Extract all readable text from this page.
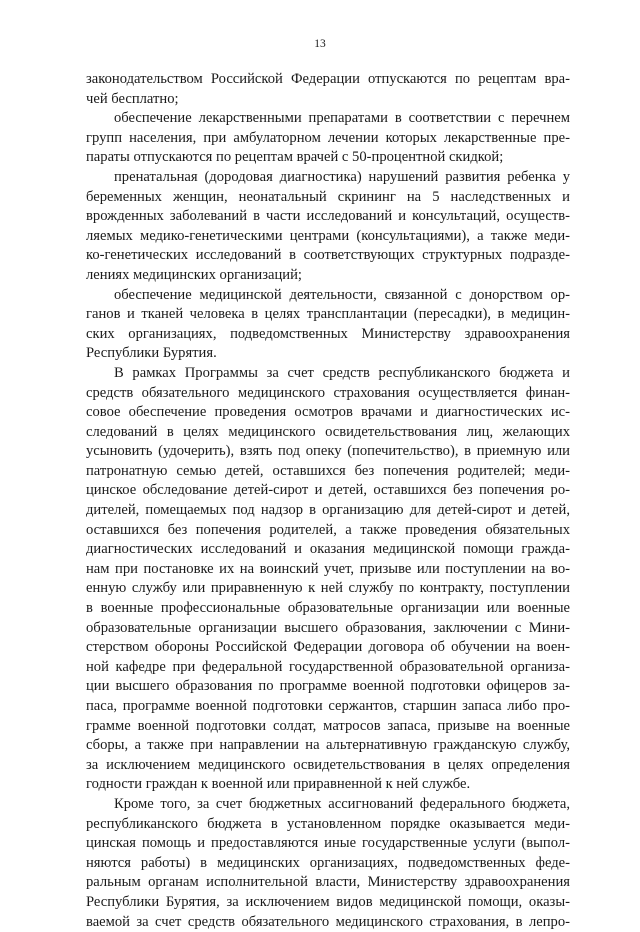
13
законодательством Российской Федерации отпускаются по рецептам вра-
чей бесплатно;
обеспечение лекарственными препаратами в соответствии с перечнем
групп населения, при амбулаторном лечении которых лекарственные пре-
параты отпускаются по рецептам врачей с 50-процентной скидкой;
пренатальная (дородовая диагностика) нарушений развития ребенка у
беременных женщин, неонатальный скрининг на 5 наследственных и
врожденных заболеваний в части исследований и консультаций, осуществ-
ляемых медико-генетическими центрами (консультациями), а также меди-
ко-генетических исследований в соответствующих структурных подразде-
лениях медицинских организаций;
обеспечение медицинской деятельности, связанной с донорством ор-
ганов и тканей человека в целях трансплантации (пересадки), в медицин-
ских организациях, подведомственных Министерству здравоохранения
Республики Бурятия.
В рамках Программы за счет средств республиканского бюджета и
средств обязательного медицинского страхования осуществляется финан-
совое обеспечение проведения осмотров врачами и диагностических ис-
следований в целях медицинского освидетельствования лиц, желающих
усыновить (удочерить), взять под опеку (попечительство), в приемную или
патронатную семью детей, оставшихся без попечения родителей; меди-
цинское обследование детей-сирот и детей, оставшихся без попечения ро-
дителей, помещаемых под надзор в организацию для детей-сирот и детей,
оставшихся без попечения родителей, а также проведения обязательных
диагностических исследований и оказания медицинской помощи гражда-
нам при постановке их на воинский учет, призыве или поступлении на во-
енную службу или приравненную к ней службу по контракту, поступлении
в военные профессиональные образовательные организации или военные
образовательные организации высшего образования, заключении с Мини-
стерством обороны Российской Федерации договора об обучении на воен-
ной кафедре при федеральной государственной образовательной организа-
ции высшего образования по программе военной подготовки офицеров за-
паса, программе военной подготовки сержантов, старшин запаса либо про-
грамме военной подготовки солдат, матросов запаса, призыве на военные
сборы, а также при направлении на альтернативную гражданскую службу,
за исключением медицинского освидетельствования в целях определения
годности граждан к военной или приравненной к ней службе.
Кроме того, за счет бюджетных ассигнований федерального бюджета,
республиканского бюджета в установленном порядке оказывается меди-
цинская помощь и предоставляются иные государственные услуги (выпол-
няются работы) в медицинских организациях, подведомственных феде-
ральным органам исполнительной власти, Министерству здравоохранения
Республики Бурятия, за исключением видов медицинской помощи, оказы-
ваемой за счет средств обязательного медицинского страхования, в лепро-
